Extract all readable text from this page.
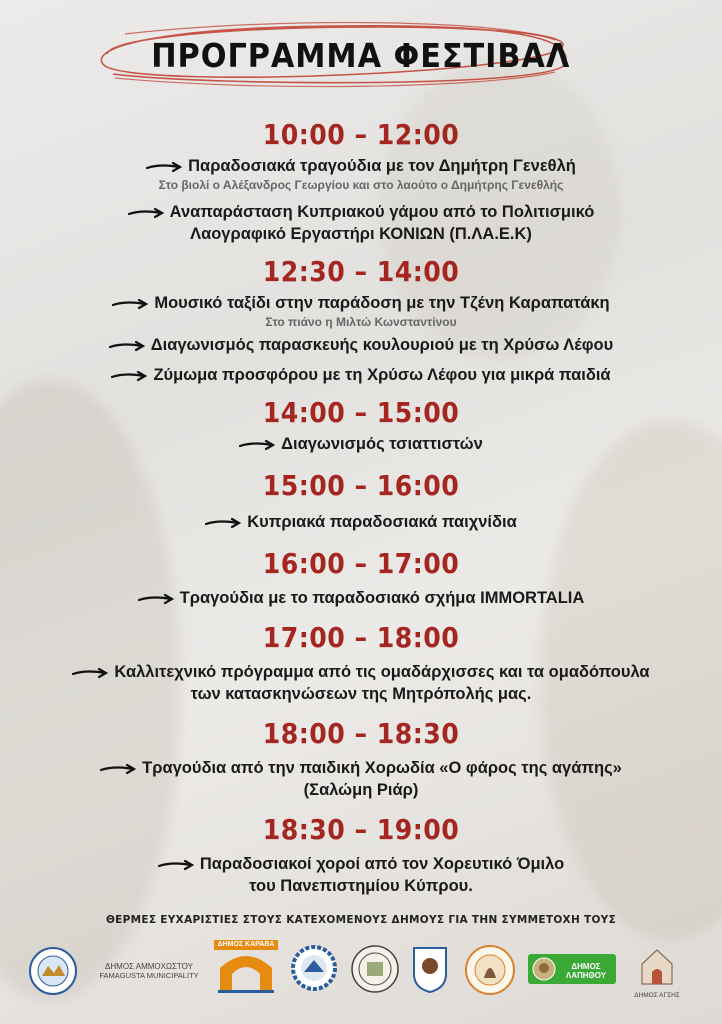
ΠΡΟΓΡΑΜΜΑ ΦΕΣΤΙΒΑΛ
10:00 – 12:00
Παραδοσιακά τραγούδια με τον Δημήτρη Γενεθλή
Στο βιολί ο Αλέξανδρος Γεωργίου και στο λαούτο ο Δημήτρης Γενεθλής
Αναπαράσταση Κυπριακού γάμου από το Πολιτισμικό
Λαογραφικό Εργαστήρι ΚΟΝΙΩΝ (Π.ΛΑ.Ε.Κ)
12:30 – 14:00
Μουσικό ταξίδι στην παράδοση με την Τζένη Καραπατάκη
Στο πιάνο η Μιλτώ Κωνσταντίνου
Διαγωνισμός παρασκευής κουλουριού με τη Χρύσω Λέφου
Ζύμωμα προσφόρου με τη Χρύσω Λέφου για μικρά παιδιά
14:00 – 15:00
Διαγωνισμός τσιαττιστών
15:00 – 16:00
Κυπριακά παραδοσιακά παιχνίδια
16:00 – 17:00
Τραγούδια με το παραδοσιακό σχήμα IMMORTALIA
17:00 – 18:00
Καλλιτεχνικό πρόγραμμα από τις ομαδάρχισσες και τα ομαδόπουλα
των κατασκηνώσεων της Μητρόπολής μας.
18:00 – 18:30
Τραγούδια από την παιδική Χορωδία «Ο φάρος της αγάπης»
(Σαλώμη Ριάρ)
18:30 – 19:00
Παραδοσιακοί χοροί από τον Χορευτικό Όμιλο
του Πανεπιστημίου Κύπρου.
ΘΕΡΜΕΣ ΕΥΧΑΡΙΣΤΙΕΣ ΣΤΟΥΣ ΚΑΤΕΧΟΜΕΝΟΥΣ ΔΗΜΟΥΣ ΓΙΑ ΤΗΝ ΣΥΜΜΕΤΟΧΗ ΤΟΥΣ
ΔΗΜΟΣ ΑΜΜΟΧΩΣΤΟΥ
FAMAGUSTA MUNICIPALITY
ΔΗΜΟΣ ΚΑΡΑΒΑ
ΔΗΜΟΣ ΛΑΠΗΘΟΥ
ΔΗΜΟΣ ΑΓΣΗΣ
